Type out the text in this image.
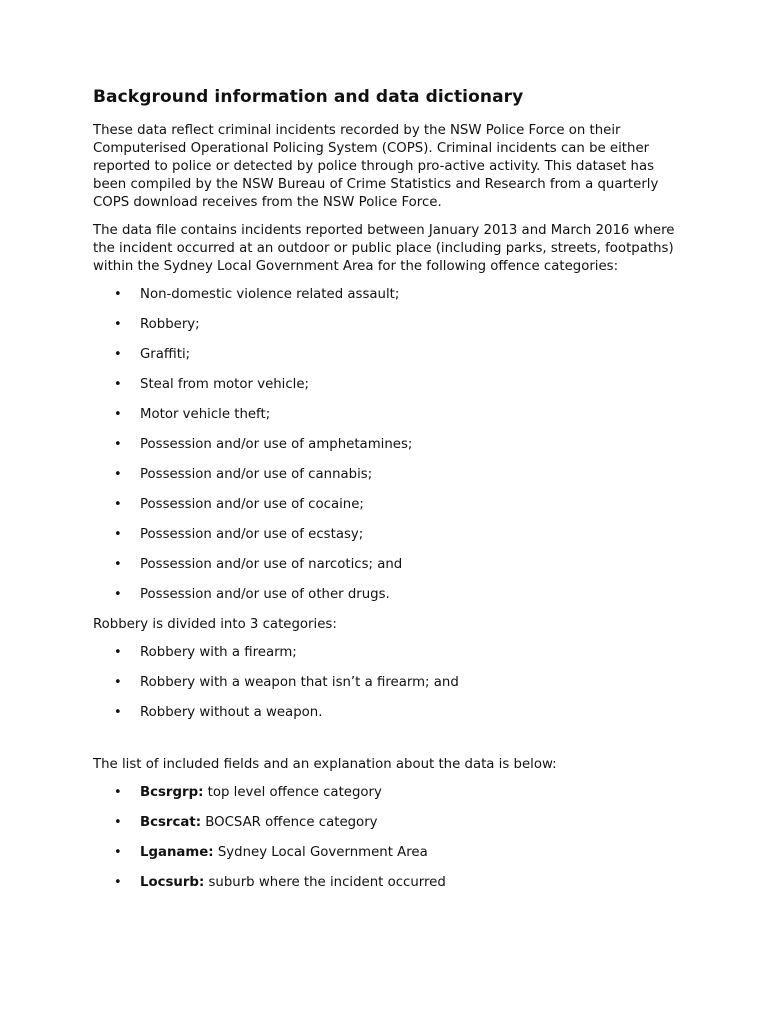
Background information and data dictionary

These data reflect criminal incidents recorded by the NSW Police Force on their Computerised Operational Policing System (COPS). Criminal incidents can be either reported to police or detected by police through pro-active activity. This dataset has been compiled by the NSW Bureau of Crime Statistics and Research from a quarterly COPS download receives from the NSW Police Force.

The data file contains incidents reported between January 2013 and March 2016 where the incident occurred at an outdoor or public place (including parks, streets, footpaths) within the Sydney Local Government Area for the following offence categories:

• Non-domestic violence related assault;
• Robbery;
• Graffiti;
• Steal from motor vehicle;
• Motor vehicle theft;
• Possession and/or use of amphetamines;
• Possession and/or use of cannabis;
• Possession and/or use of cocaine;
• Possession and/or use of ecstasy;
• Possession and/or use of narcotics; and
• Possession and/or use of other drugs.

Robbery is divided into 3 categories:

• Robbery with a firearm;
• Robbery with a weapon that isn’t a firearm; and
• Robbery without a weapon.

The list of included fields and an explanation about the data is below:

• Bcsrgrp: top level offence category
• Bcsrcat: BOCSAR offence category
• Lganame: Sydney Local Government Area
• Locsurb: suburb where the incident occurred
